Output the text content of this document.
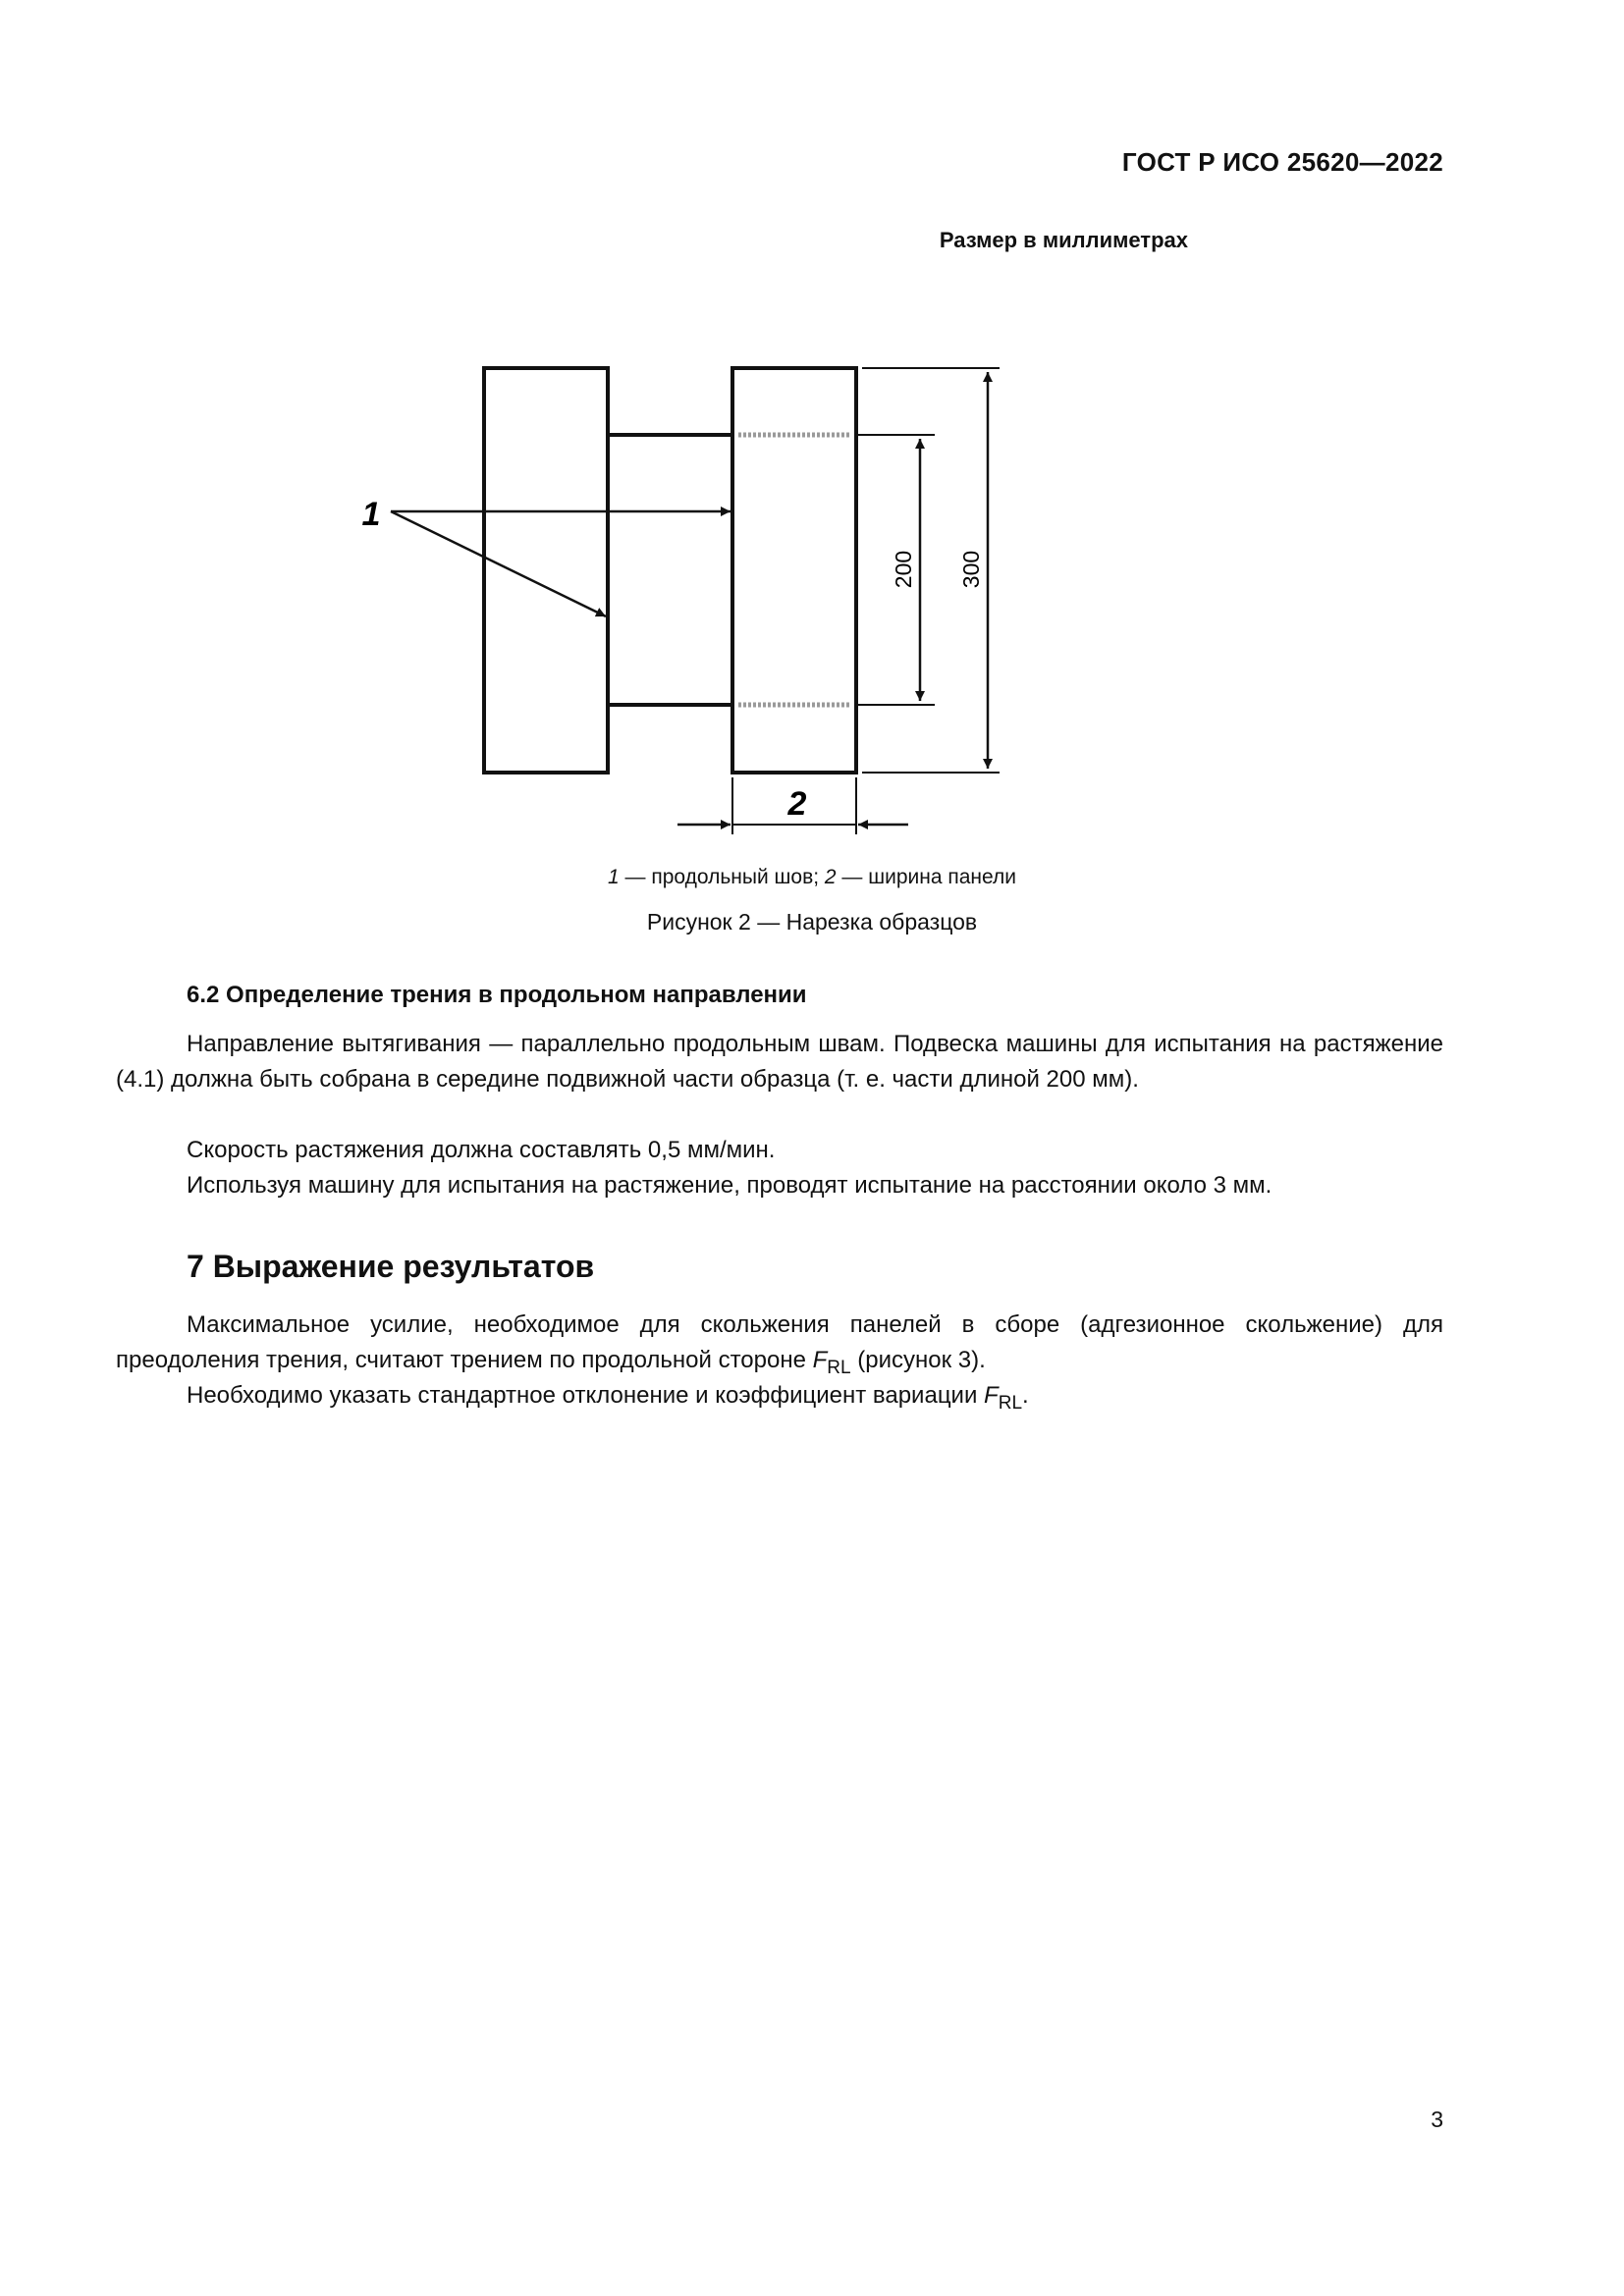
ГОСТ Р ИСО 25620—2022
Размер в миллиметрах
200 300
2
1
1 — продольный шов; 2 — ширина панели
Рисунок 2 — Нарезка образцов
6.2 Определение трения в продольном направлении

Направление вытягивания — параллельно продольным швам. Подвеска машины для испытания на растяжение (4.1) должна быть собрана в середине подвижной части образца (т. е. части длиной 200 мм).

Скорость растяжения должна составлять 0,5 мм/мин.

Используя машину для испытания на растяжение, проводят испытание на расстоянии около 3 мм.

7 Выражение результатов

Максимальное усилие, необходимое для скольжения панелей в сборе (адгезионное скольжение) для преодоления трения, считают трением по продольной стороне $F_{RL}$ (рисунок 3).

Необходимо указать стандартное отклонение и коэффициент вариации $F_{RL}$.

3
